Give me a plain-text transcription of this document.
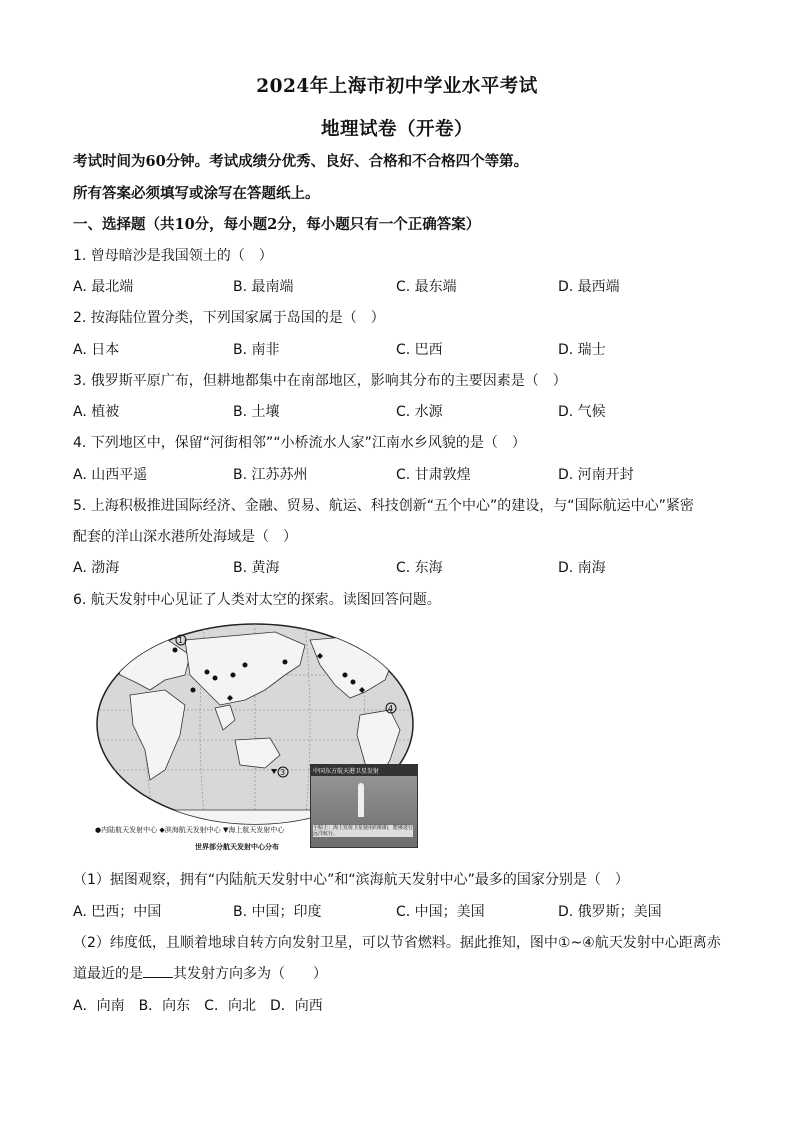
2024年上海市初中学业水平考试
地理试卷（开卷）
考试时间为60分钟。考试成绩分优秀、良好、合格和不合格四个等第。
所有答案必须填写或涂写在答题纸上。
一、选择题（共10分，每小题2分，每小题只有一个正确答案）
1. 曾母暗沙是我国领土的（　）
A. 最北端	B. 最南端	C. 最东端	D. 最西端
2. 按海陆位置分类，下列国家属于岛国的是（　）
A. 日本	B. 南非	C. 巴西	D. 瑞士
3. 俄罗斯平原广布，但耕地都集中在南部地区，影响其分布的主要因素是（　）
A. 植被	B. 土壤	C. 水源	D. 气候
4. 下列地区中，保留“河街相邻”“小桥流水人家”江南水乡风貌的是（　）
A. 山西平遥	B. 江苏苏州	C. 甘肃敦煌	D. 河南开封
5. 上海积极推进国际经济、金融、贸易、航运、科技创新“五个中心”的建设，与“国际航运中心”紧密
配套的洋山深水港所处海域是（　）
A. 渤海	B. 黄海	C. 东海	D. 南海
6. 航天发射中心见证了人类对太空的探索。读图回答问题。
1
4
3	中国东方航天港卫星发射
小贴士：海上发射卫星使用的船舶，能够进行远洋航行。
●内陆航天发射中心 ◆滨海航天发射中心 ▼海上航天发射中心
世界部分航天发射中心分布
（1）据图观察，拥有“内陆航天发射中心”和“滨海航天发射中心”最多的国家分别是（　）
A. 巴西；中国	B. 中国；印度	C. 中国；美国	D. 俄罗斯；美国
（2）纬度低，且顺着地球自转方向发射卫星，可以节省燃料。据此推知，图中①~④航天发射中心距离赤
道最近的是 其发射方向多为（　　）
A．向南　B．向东　C．向北　D．向西
